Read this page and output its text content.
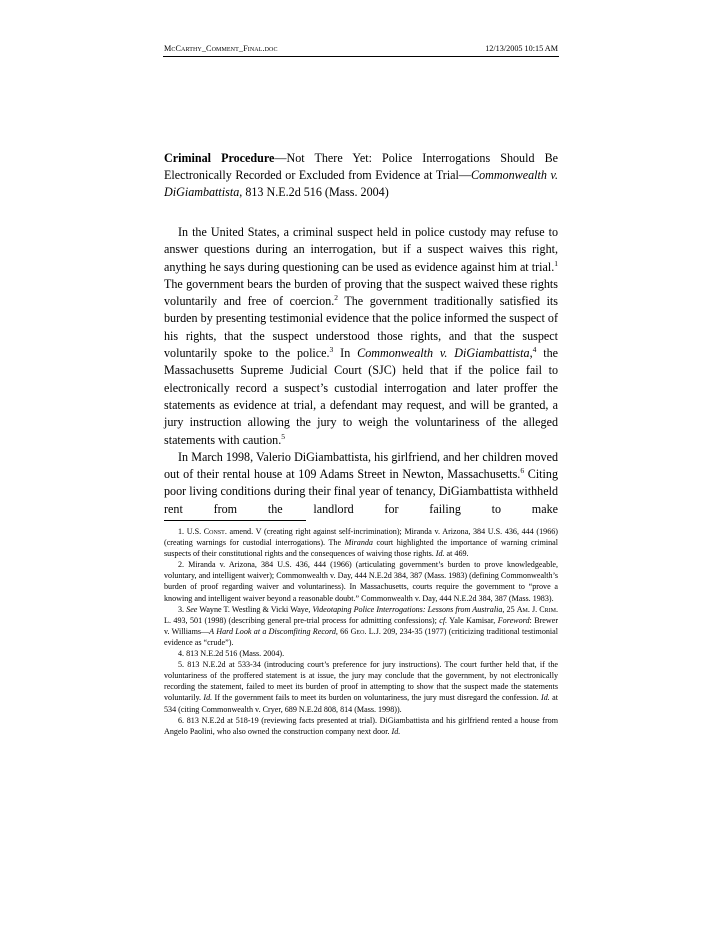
McCarthy_Comment_Final.doc	12/13/2005 10:15 AM
Criminal Procedure—Not There Yet: Police Interrogations Should Be Electronically Recorded or Excluded from Evidence at Trial—Commonwealth v. DiGiambattista, 813 N.E.2d 516 (Mass. 2004)

In the United States, a criminal suspect held in police custody may refuse to answer questions during an interrogation, but if a suspect waives this right, anything he says during questioning can be used as evidence against him at trial.$^1$ The government bears the burden of proving that the suspect waived these rights voluntarily and free of coercion.$^2$ The government traditionally satisfied its burden by presenting testimonial evidence that the police informed the suspect of his rights, that the suspect understood those rights, and that the suspect voluntarily spoke to the police.$^3$ In Commonwealth v. DiGiambattista,$^4$ the Massachusetts Supreme Judicial Court (SJC) held that if the police fail to electronically record a suspect’s custodial interrogation and later proffer the statements as evidence at trial, a defendant may request, and will be granted, a jury instruction allowing the jury to weigh the voluntariness of the alleged statements with caution.$^5$

In March 1998, Valerio DiGiambattista, his girlfriend, and her children moved out of their rental house at 109 Adams Street in Newton, Massachusetts.$^6$ Citing poor living conditions during their final year of tenancy, DiGiambattista withheld rent from the landlord for failing to make

1. U.S. Const. amend. V (creating right against self-incrimination); Miranda v. Arizona, 384 U.S. 436, 444 (1966) (creating warnings for custodial interrogations). The Miranda court highlighted the importance of warning criminal suspects of their constitutional rights and the consequences of waiving those rights. Id. at 469.

2. Miranda v. Arizona, 384 U.S. 436, 444 (1966) (articulating government’s burden to prove knowledgeable, voluntary, and intelligent waiver); Commonwealth v. Day, 444 N.E.2d 384, 387 (Mass. 1983) (defining Commonwealth’s burden of proof regarding waiver and voluntariness). In Massachusetts, courts require the government to “prove a knowing and intelligent waiver beyond a reasonable doubt.” Commonwealth v. Day, 444 N.E.2d 384, 387 (Mass. 1983).

3. See Wayne T. Westling & Vicki Waye, Videotaping Police Interrogations: Lessons from Australia, 25 Am. J. Crim. L. 493, 501 (1998) (describing general pre-trial process for admitting confessions); cf. Yale Kamisar, Foreword: Brewer v. Williams—A Hard Look at a Discomfiting Record, 66 Geo. L.J. 209, 234-35 (1977) (criticizing traditional testimonial evidence as “crude”).

4. 813 N.E.2d 516 (Mass. 2004).

5. 813 N.E.2d at 533-34 (introducing court’s preference for jury instructions). The court further held that, if the voluntariness of the proffered statement is at issue, the jury may conclude that the government, by not electronically recording the statement, failed to meet its burden of proof in attempting to show that the suspect made the statements voluntarily. Id. If the government fails to meet its burden on voluntariness, the jury must disregard the confession. Id. at 534 (citing Commonwealth v. Cryer, 689 N.E.2d 808, 814 (Mass. 1998)).

6. 813 N.E.2d at 518-19 (reviewing facts presented at trial). DiGiambattista and his girlfriend rented a house from Angelo Paolini, who also owned the construction company next door. Id.
